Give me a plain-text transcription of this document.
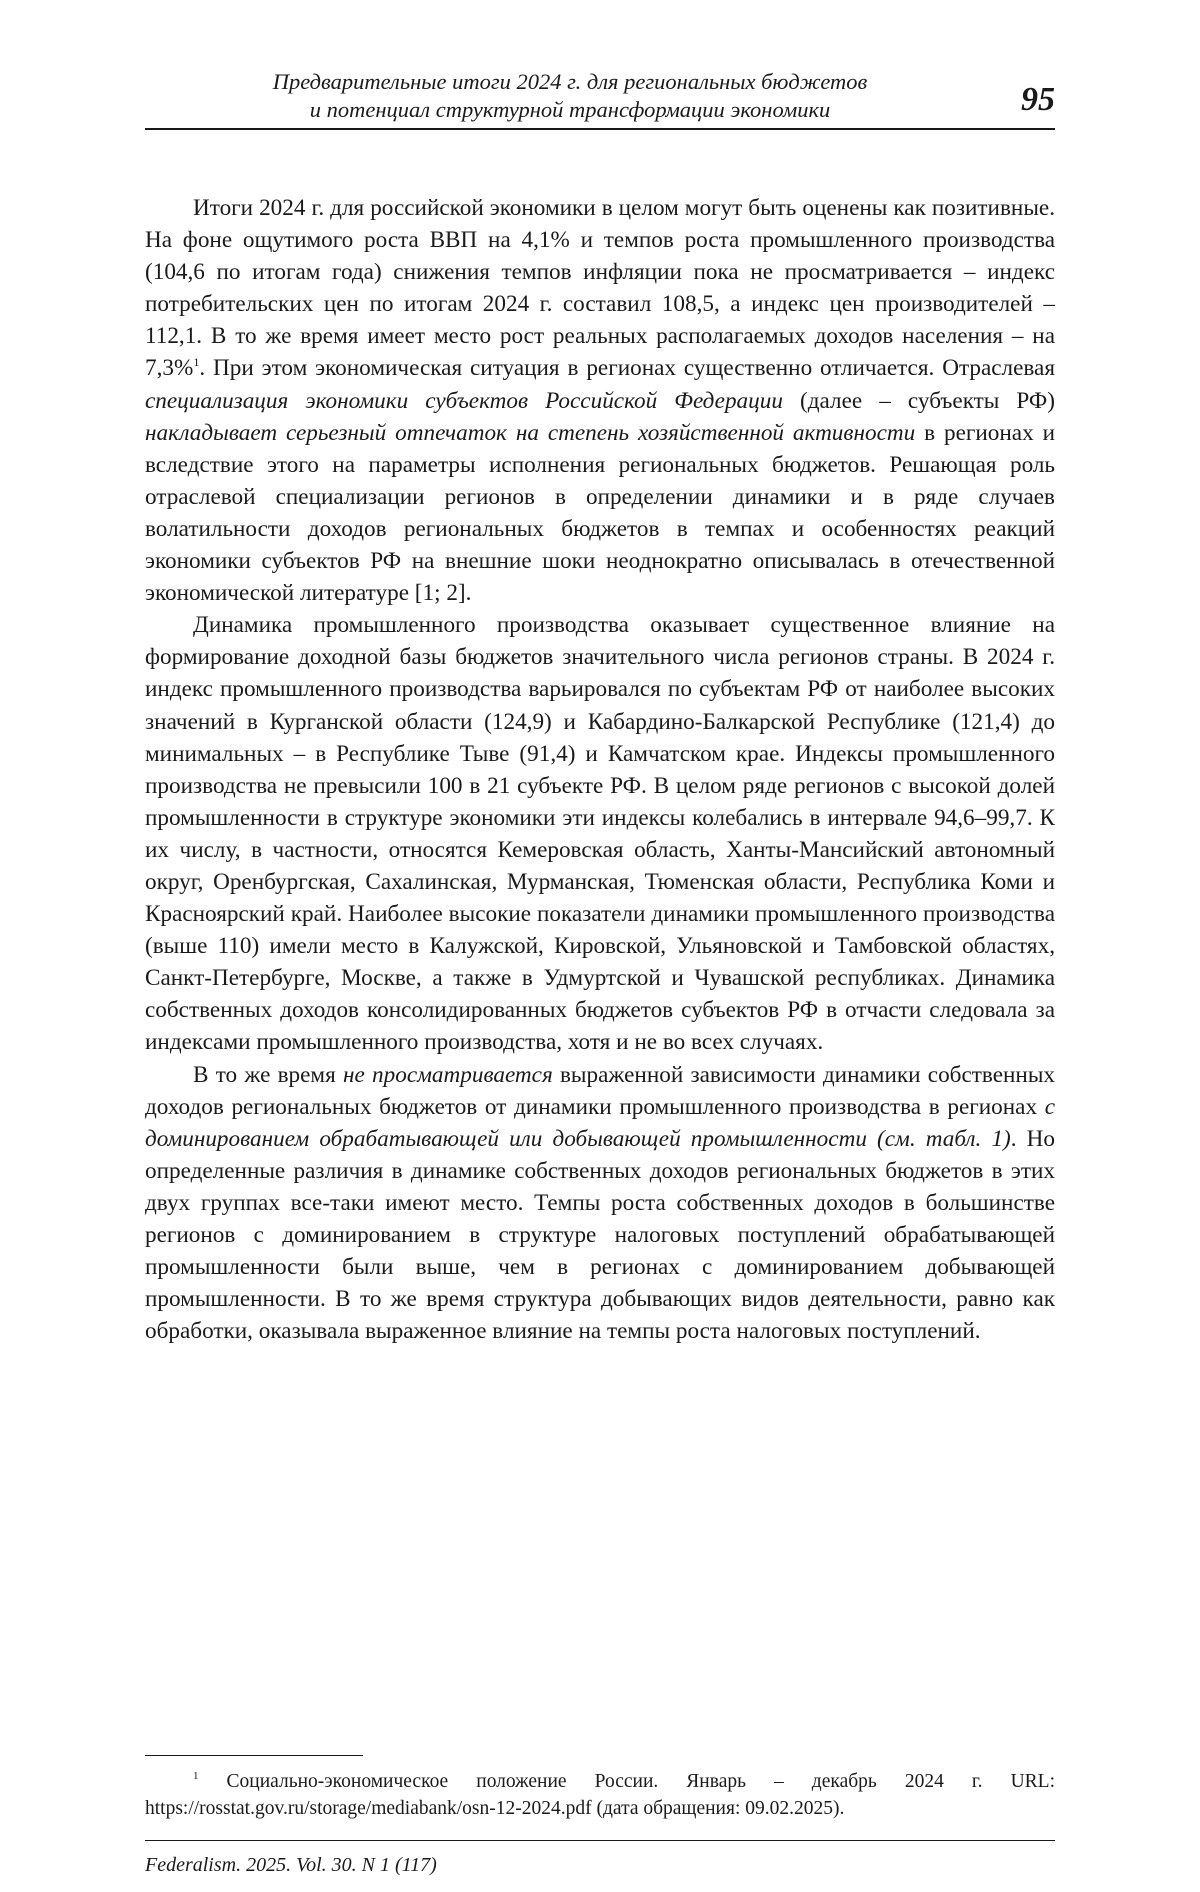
Предварительные итоги 2024 г. для региональных бюджетов
и потенциал структурной трансформации экономики	95

Итоги 2024 г. для российской экономики в целом могут быть оценены как позитивные. На фоне ощутимого роста ВВП на 4,1% и темпов роста промышленного производства (104,6 по итогам года) снижения темпов инфляции пока не просматривается – индекс потребительских цен по итогам 2024 г. составил 108,5, а индекс цен производителей – 112,1. В то же время имеет место рост реальных располагаемых доходов населения – на 7,3%$^1$. При этом экономическая ситуация в регионах существенно отличается. Отраслевая специализация экономики субъектов Российской Федерации (далее – субъекты РФ) накладывает серьезный отпечаток на степень хозяйственной активности в регионах и вследствие этого на параметры исполнения региональных бюджетов. Решающая роль отраслевой специализации регионов в определении динамики и в ряде случаев волатильности доходов региональных бюджетов в темпах и особенностях реакций экономики субъектов РФ на внешние шоки неоднократно описывалась в отечественной экономической литературе [1; 2].

Динамика промышленного производства оказывает существенное влияние на формирование доходной базы бюджетов значительного числа регионов страны. В 2024 г. индекс промышленного производства варьировался по субъектам РФ от наиболее высоких значений в Курганской области (124,9) и Кабардино-Балкарской Республике (121,4) до минимальных – в Республике Тыве (91,4) и Камчатском крае. Индексы промышленного производства не превысили 100 в 21 субъекте РФ. В целом ряде регионов с высокой долей промышленности в структуре экономики эти индексы колебались в интервале 94,6–99,7. К их числу, в частности, относятся Кемеровская область, Ханты-Мансийский автономный округ, Оренбургская, Сахалинская, Мурманская, Тюменская области, Республика Коми и Красноярский край. Наиболее высокие показатели динамики промышленного производства (выше 110) имели место в Калужской, Кировской, Ульяновской и Тамбовской областях, Санкт-Петербурге, Москве, а также в Удмуртской и Чувашской республиках. Динамика собственных доходов консолидированных бюджетов субъектов РФ в отчасти следовала за индексами промышленного производства, хотя и не во всех случаях.

В то же время не просматривается выраженной зависимости динамики собственных доходов региональных бюджетов от динамики промышленного производства в регионах с доминированием обрабатывающей или добывающей промышленности (см. табл. 1). Но определенные различия в динамике собственных доходов региональных бюджетов в этих двух группах все-таки имеют место. Темпы роста собственных доходов в большинстве регионов с доминированием в структуре налоговых поступлений обрабатывающей промышленности были выше, чем в регионах с доминированием добывающей промышленности. В то же время структура добывающих видов деятельности, равно как обработки, оказывала выраженное влияние на темпы роста налоговых поступлений.

$^1$ Социально-экономическое положение России. Январь – декабрь 2024 г. URL: https://rosstat.gov.ru/storage/mediabank/osn-12-2024.pdf (дата обращения: 09.02.2025).
Federalism. 2025. Vol. 30. N 1 (117)
